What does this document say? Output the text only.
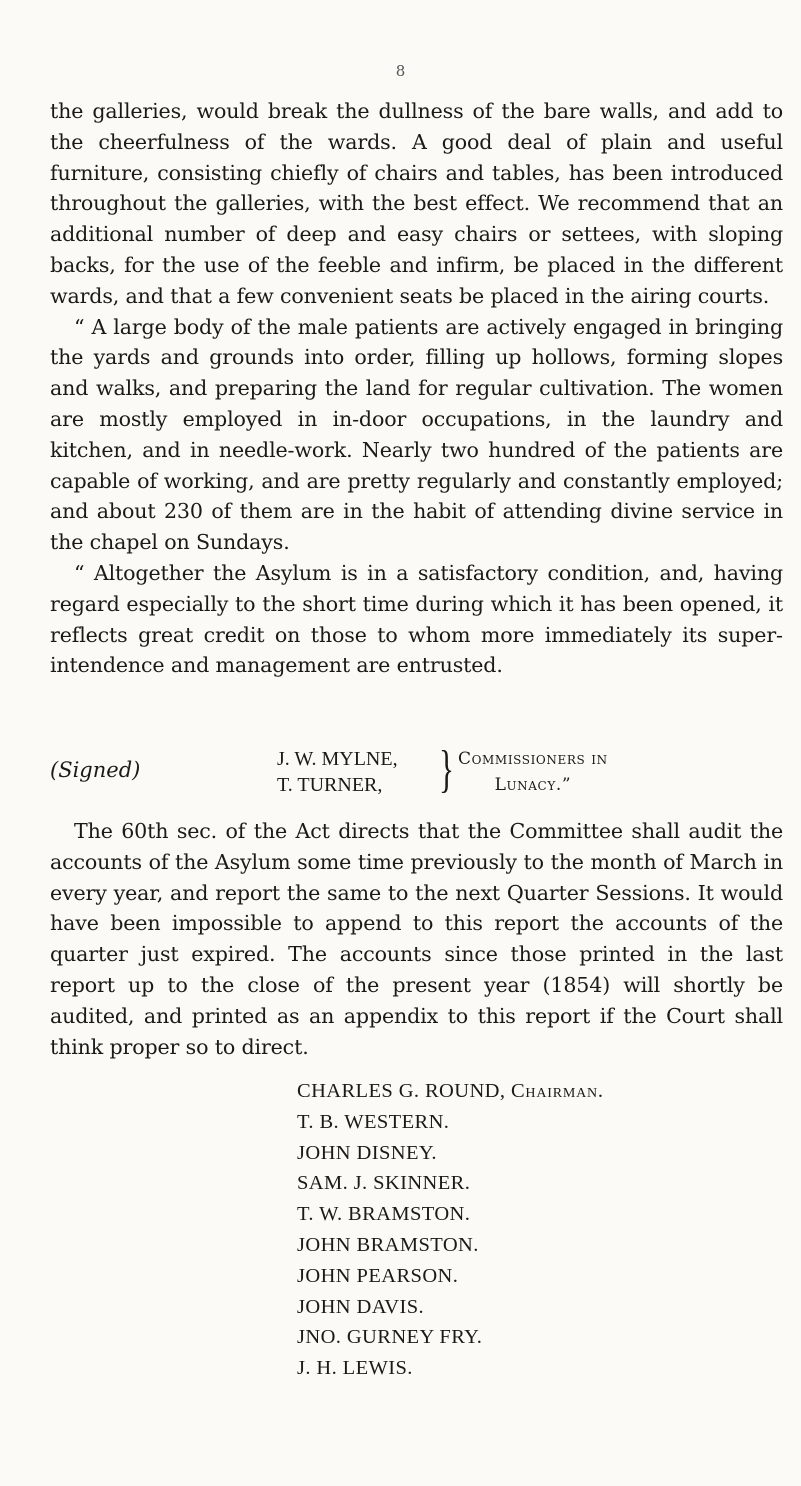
8

the galleries, would break the dullness of the bare walls, and add to the cheerfulness of the wards. A good deal of plain and useful furniture, consisting chiefly of chairs and tables, has been introduced throughout the galleries, with the best effect. We recommend that an additional number of deep and easy chairs or settees, with sloping backs, for the use of the feeble and infirm, be placed in the different wards, and that a few convenient seats be placed in the airing courts.

“ A large body of the male patients are actively engaged in bringing the yards and grounds into order, filling up hollows, forming slopes and walks, and preparing the land for regular cultivation. The women are mostly employed in in-door occupations, in the laundry and kitchen, and in needle-work. Nearly two hundred of the patients are capable of working, and are pretty regularly and constantly employed; and about 230 of them are in the habit of attending divine service in the chapel on Sundays.

“ Altogether the Asylum is in a satisfactory condition, and, having regard especially to the short time during which it has been opened, it reflects great credit on those to whom more immediately its superintendence and management are entrusted.

(Signed)	J. W. MYLNE,
T. TURNER, } Commissioners in
Lunacy.”

The 60th sec. of the Act directs that the Committee shall audit the accounts of the Asylum some time previously to the month of March in every year, and report the same to the next Quarter Sessions. It would have been impossible to append to this report the accounts of the quarter just expired. The accounts since those printed in the last report up to the close of the present year (1854) will shortly be audited, and printed as an appendix to this report if the Court shall think proper so to direct.

CHARLES G. ROUND, Chairman.
T. B. WESTERN.
JOHN DISNEY.
SAM. J. SKINNER.
T. W. BRAMSTON.
JOHN BRAMSTON.
JOHN PEARSON.
JOHN DAVIS.
JNO. GURNEY FRY.
J. H. LEWIS.
